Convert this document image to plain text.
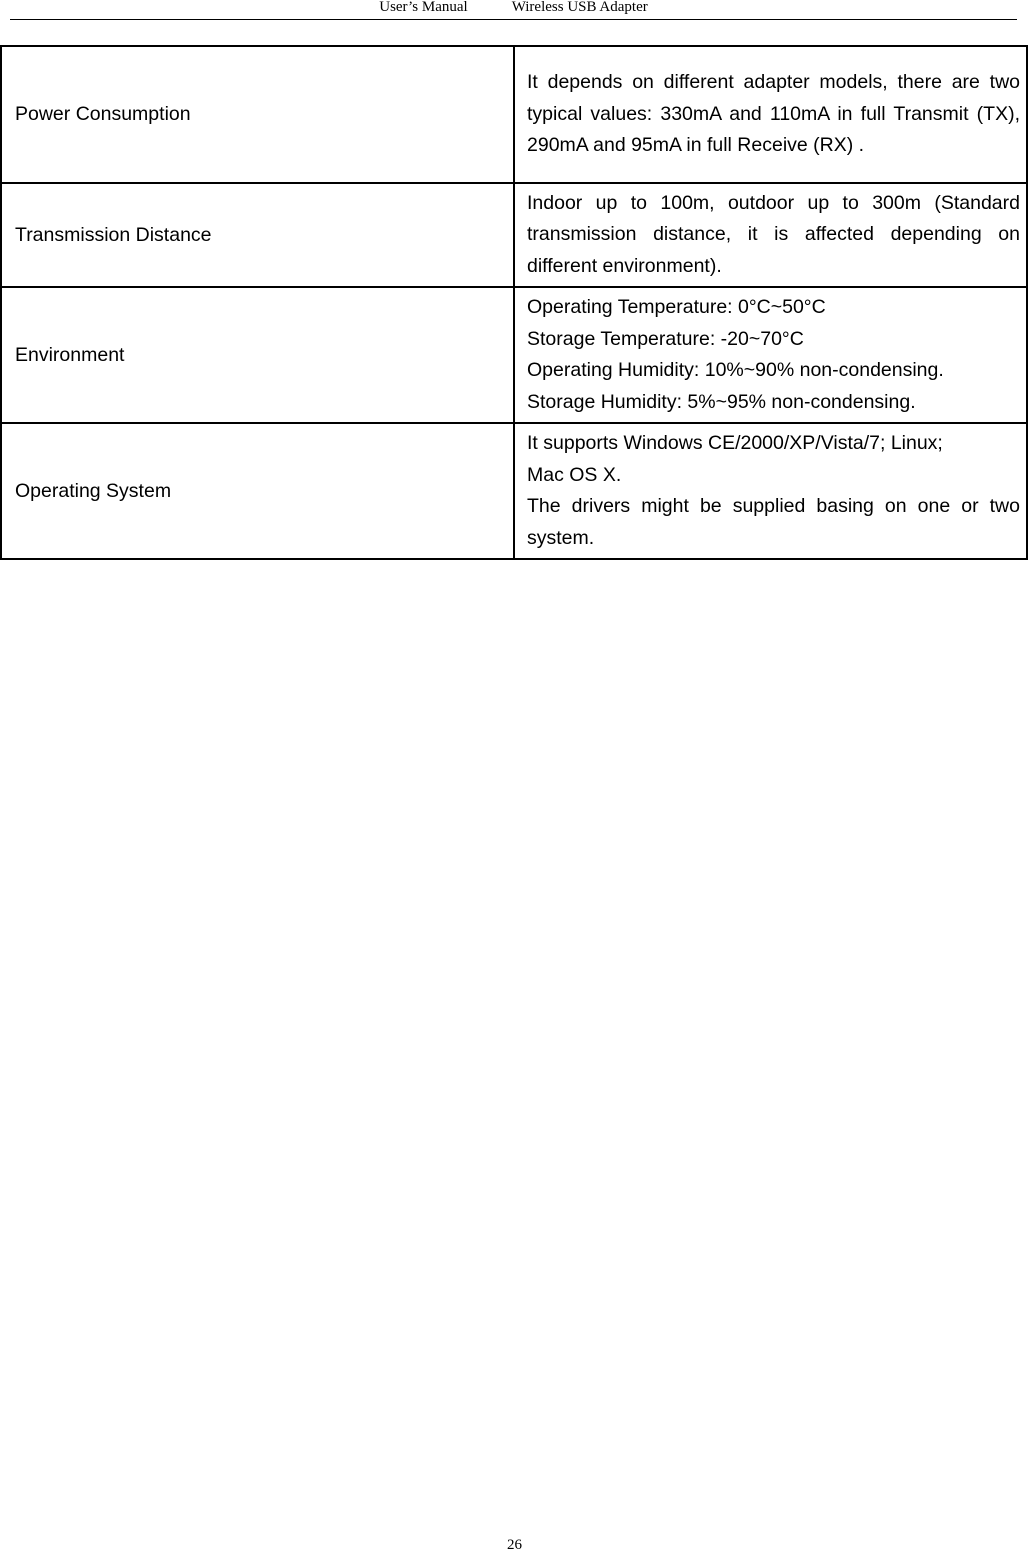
User’s Manual	Wireless USB Adapter
Power Consumption	It depends on different adapter models, there are two typical values: 330mA and 110mA in full Transmit (TX), 290mA and 95mA in full Receive (RX) .

Transmission Distance	Indoor up to 100m, outdoor up to 300m (Standard transmission distance, it is affected depending on different environment).

Environment	Operating Temperature: 0°C~50°C
Storage Temperature: -20~70°C
Operating Humidity: 10%~90% non-condensing.
Storage Humidity: 5%~95% non-condensing.

Operating System	It supports Windows CE/2000/XP/Vista/7; Linux;
Mac OS X.
The drivers might be supplied basing on one or two system.
26
